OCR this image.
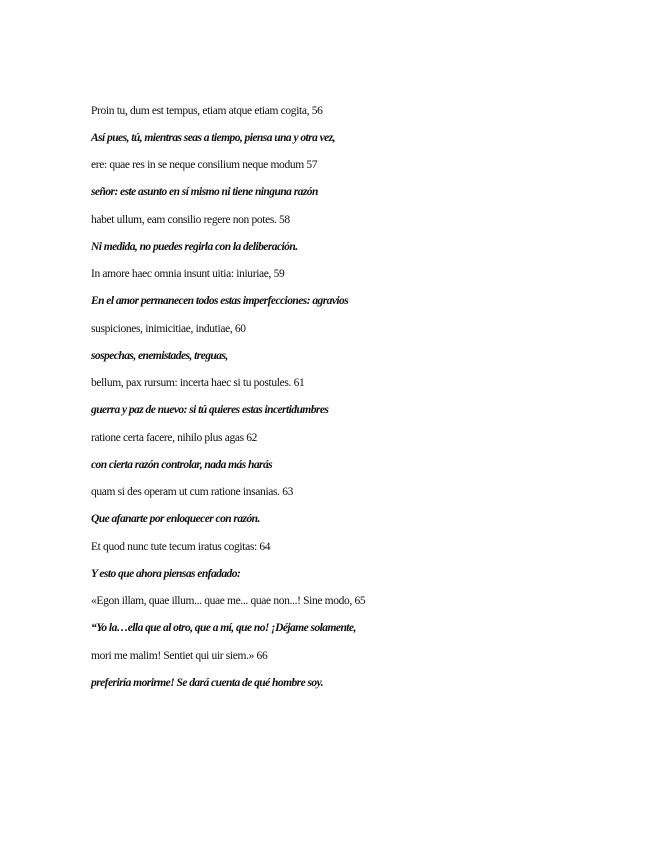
Proin tu, dum est tempus, etiam atque etiam cogita, 56

Así pues, tú, mientras seas a tiempo, piensa una y otra vez,

ere: quae res in se neque consilium neque modum 57

señor: este asunto en sí mismo ni tiene ninguna razón

habet ullum, eam consilio regere non potes. 58

Ni medida, no puedes regirla con la deliberación.

In amore haec omnia insunt uitia: iniuriae, 59

En el amor permanecen todos estas imperfecciones: agravios

suspiciones, inimicitiae, indutiae, 60

sospechas, enemistades, treguas,

bellum, pax rursum: incerta haec si tu postules. 61

guerra y paz de nuevo: si tú quieres estas incertidumbres

ratione certa facere, nihilo plus agas 62

con cierta razón controlar, nada más harás

quam si des operam ut cum ratione insanias. 63

Que afanarte por enloquecer con razón.

Et quod nunc tute tecum iratus cogitas: 64

Y esto que ahora piensas enfadado:

«Egon illam, quae illum... quae me... quae non...! Sine modo, 65

“Yo la…ella que al otro, que a mí, que no! ¡Déjame solamente,

mori me malim! Sentiet qui uir siem.» 66

preferiría morirme! Se dará cuenta de qué hombre soy.
